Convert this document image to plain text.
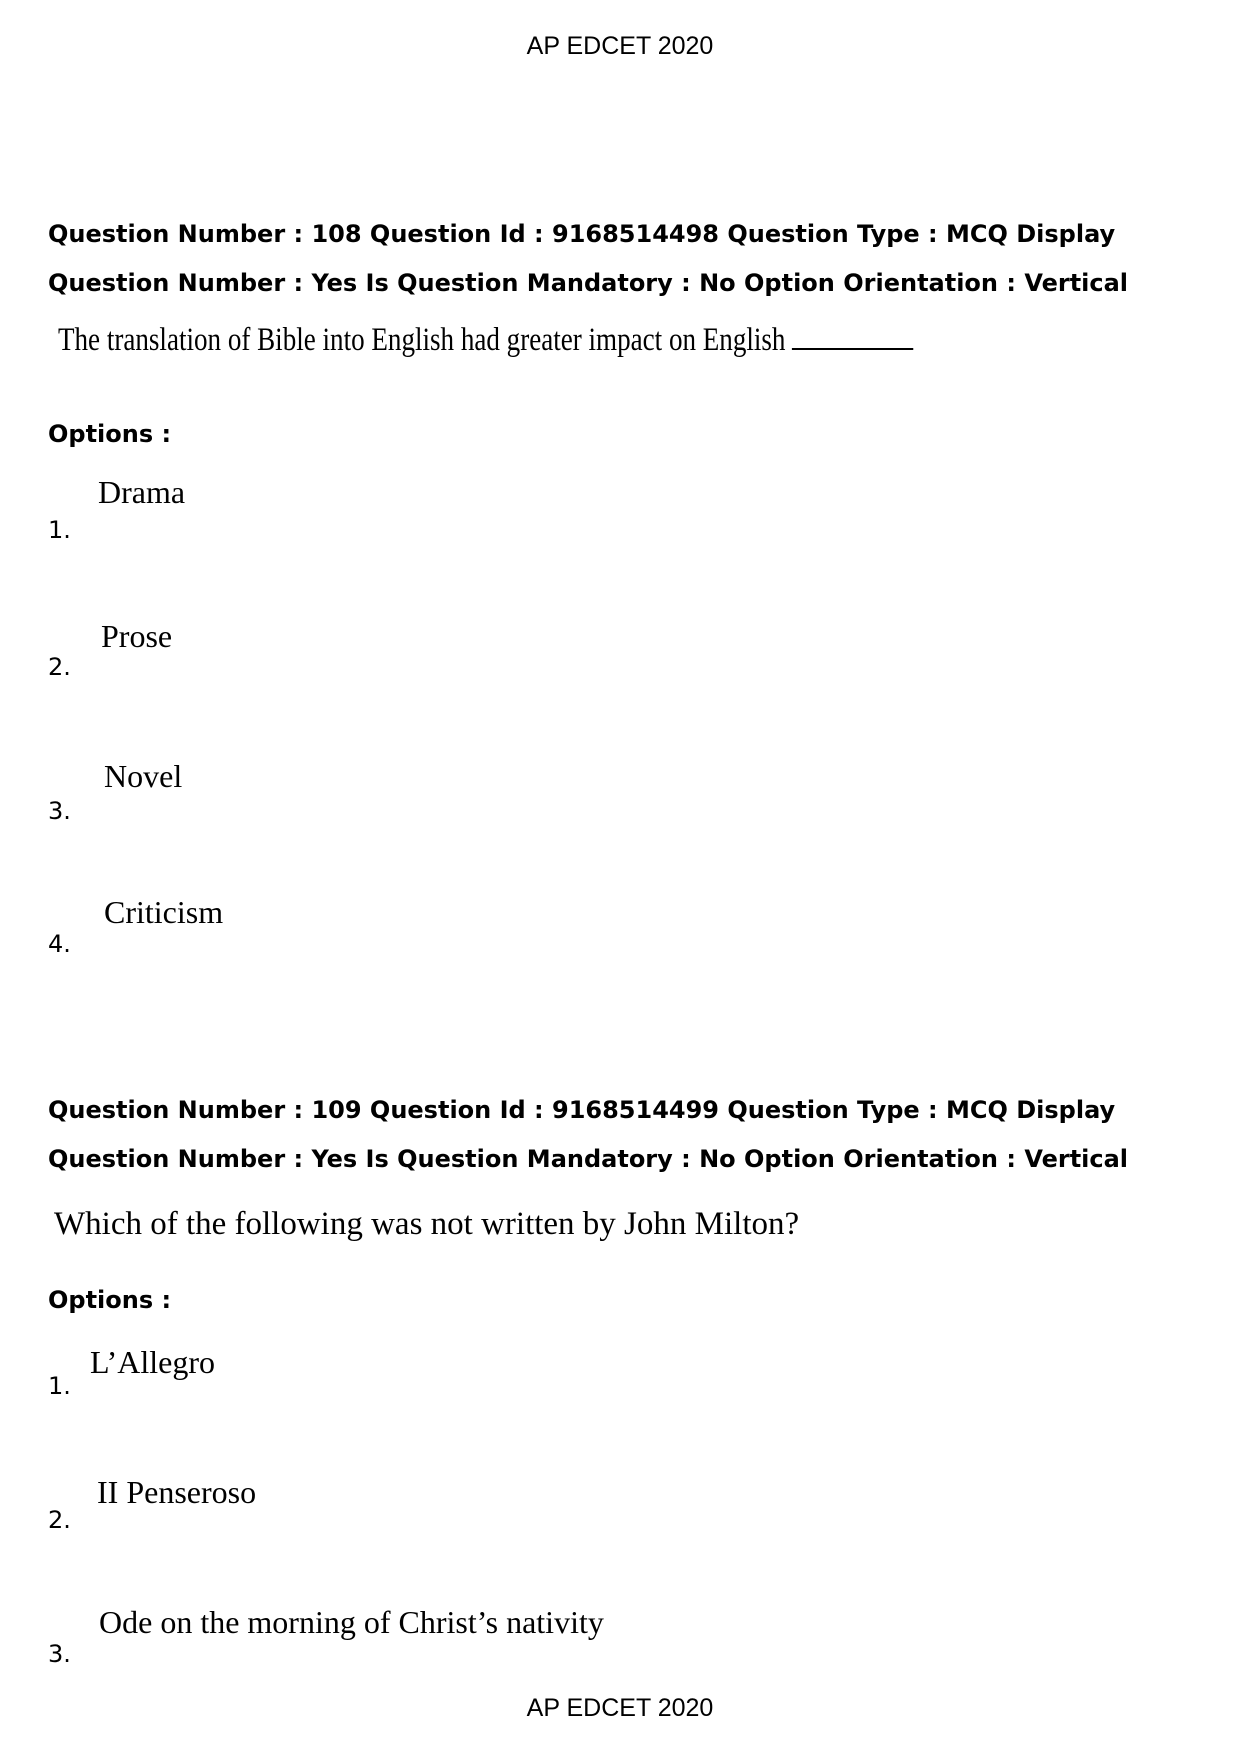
AP EDCET 2020
Question Number : 108 Question Id : 9168514498 Question Type : MCQ Display Question Number : Yes Is Question Mandatory : No Option Orientation : Vertical
The translation of Bible into English had greater impact on English
Options :
1.
Drama
2.
Prose
3.
Novel
4.
Criticism
Question Number : 109 Question Id : 9168514499 Question Type : MCQ Display Question Number : Yes Is Question Mandatory : No Option Orientation : Vertical
Which of the following was not written by John Milton?
Options :
1.
L’Allegro
2.
II Penseroso
3.
Ode on the morning of Christ’s nativity
AP EDCET 2020
